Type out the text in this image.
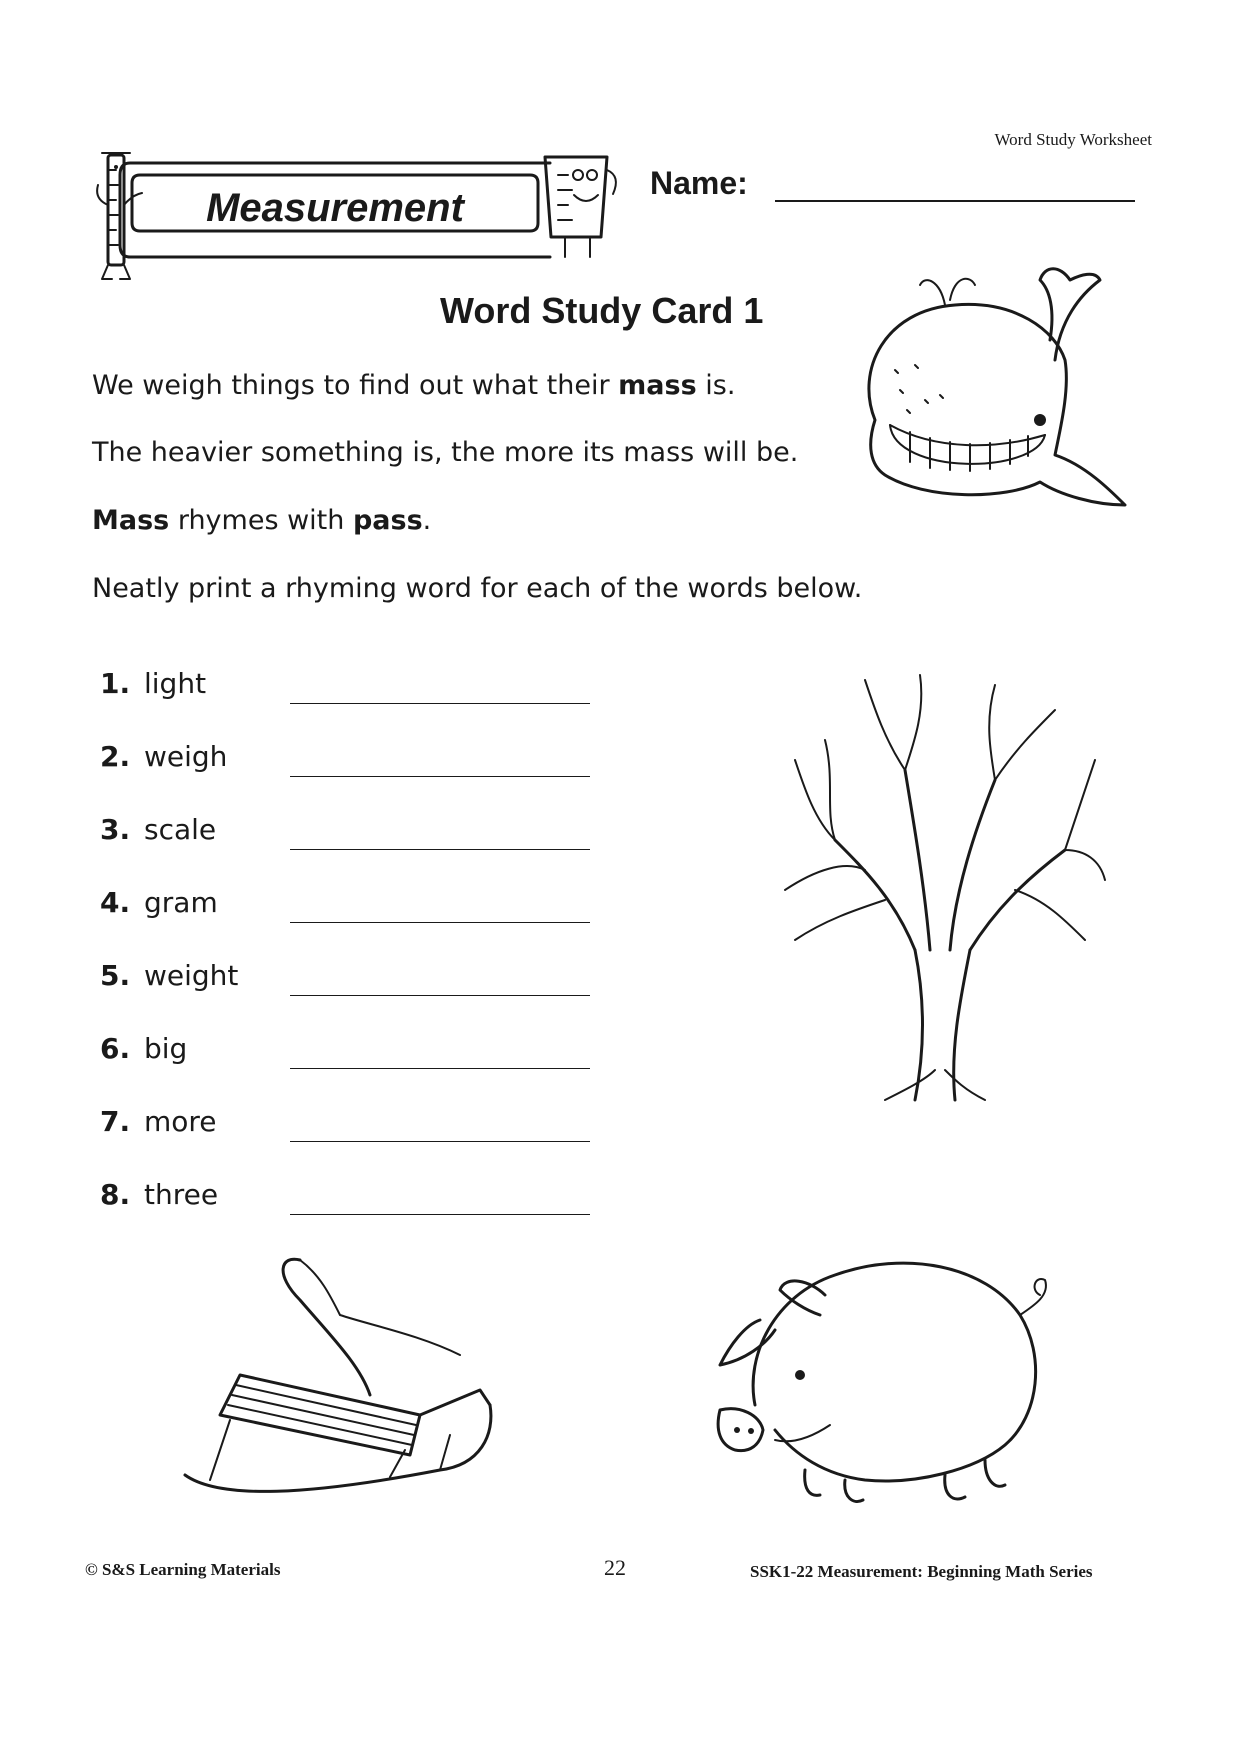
Word Study Worksheet
Measurement
Name:
Word Study Card 1
We weigh things to find out what their mass is.
The heavier something is, the more its mass will be.
Mass rhymes with pass.
Neatly print a rhyming word for each of the words below.
1. light
2. weigh
3. scale
4. gram
5. weight
6. big
7. more
8. three
© S&S Learning Materials	22	SSK1-22 Measurement: Beginning Math Series
